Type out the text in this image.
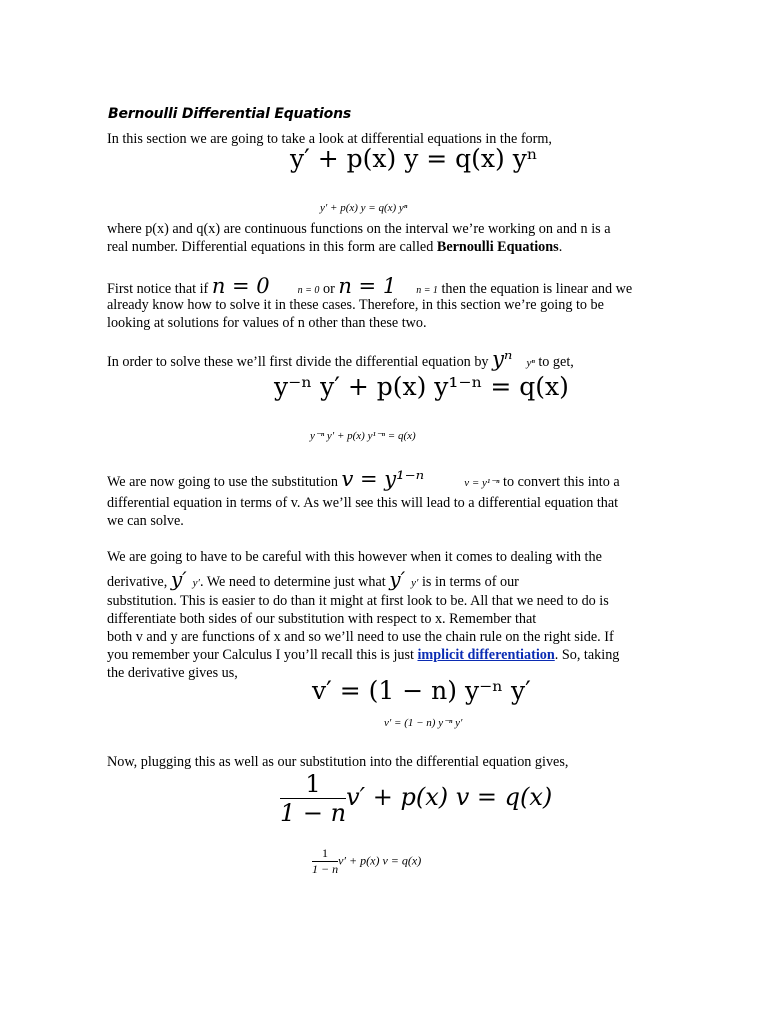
Bernoulli Differential Equations
In this section we are going to take a look at differential equations in the form,
y′ + p(x) y = q(x) yⁿ
y′ + p(x) y = q(x) yⁿ
where p(x) and q(x) are continuous functions on the interval we’re working on and n is a
real number. Differential equations in this form are called Bernoulli Equations.
First notice that if n = 0	n = 0 or n = 1 n = 1 then the equation is linear and we
already know how to solve it in these cases. Therefore, in this section we’re going to be
looking at solutions for values of n other than these two.
In order to solve these we’ll first divide the differential equation by yⁿ yⁿ to get,
y⁻ⁿ y′ + p(x) y¹⁻ⁿ = q(x)
y⁻ⁿ y′ + p(x) y¹⁻ⁿ = q(x)
We are now going to use the substitution v = y¹⁻ⁿ	v = y¹⁻ⁿ to convert this into a
differential equation in terms of v. As we’ll see this will lead to a differential equation that
we can solve.
We are going to have to be careful with this however when it comes to dealing with the
derivative, y′ y′. We need to determine just what y′ y′ is in terms of our
substitution. This is easier to do than it might at first look to be. All that we need to do is
differentiate both sides of our substitution with respect to x. Remember that
both v and y are functions of x and so we’ll need to use the chain rule on the right side. If
you remember your Calculus I you’ll recall this is just implicit differentiation. So, taking
the derivative gives us,
v′ = (1 − n) y⁻ⁿ y′
v′ = (1 − n) y⁻ⁿ y′
Now, plugging this as well as our substitution into the differential equation gives,
$\frac{1}{1 - n} v' + p(x) v = q(x)$
$\frac{1}{1 - n} v' + p(x) v = q(x)$
